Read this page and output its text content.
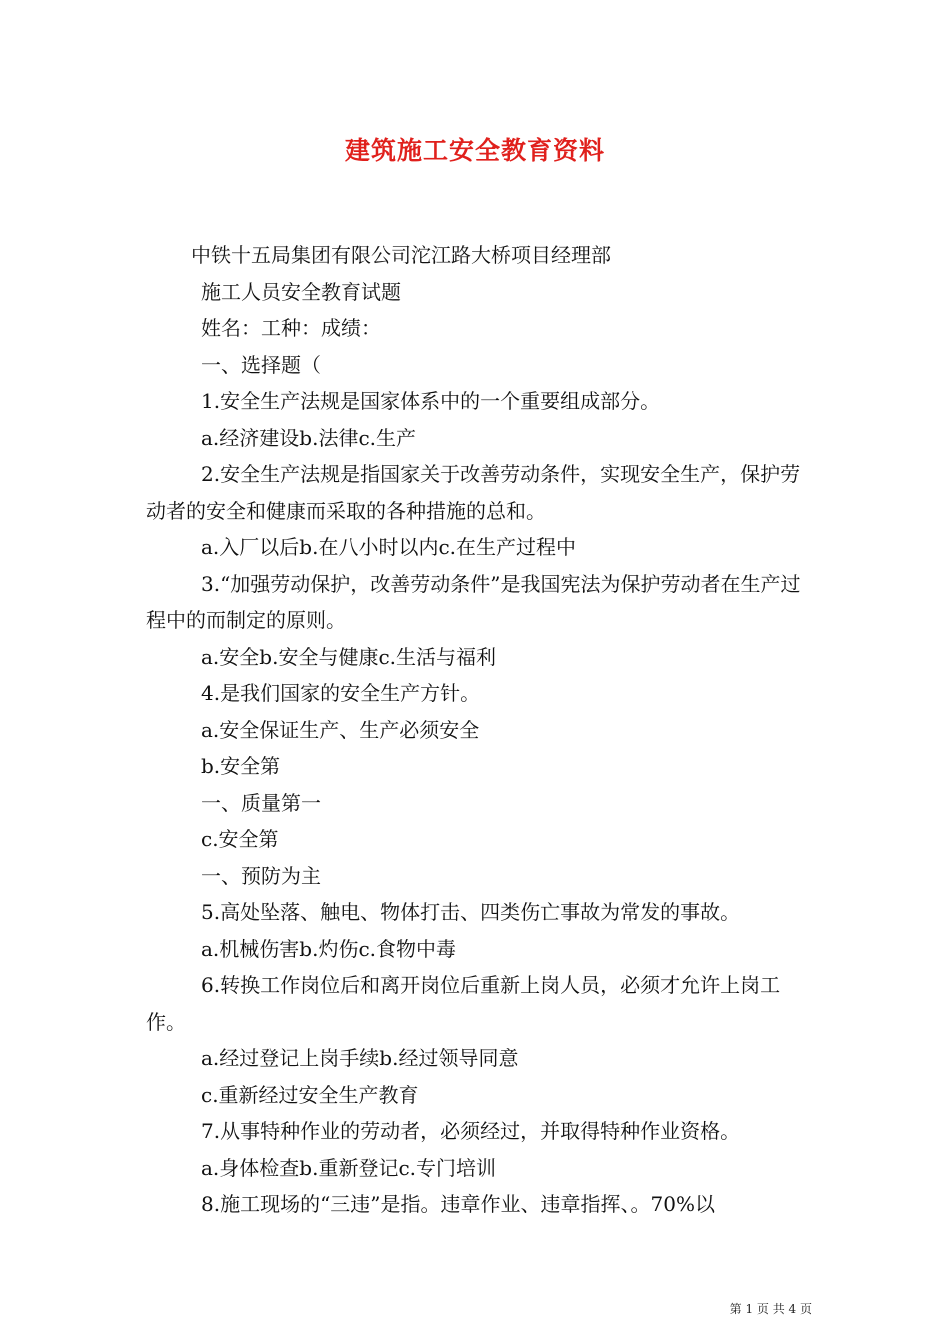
建筑施工安全教育资料

中铁十五局集团有限公司沱江路大桥项目经理部

施工人员安全教育试题

姓名：工种：成绩：

一、选择题（

1.安全生产法规是国家体系中的一个重要组成部分。

a.经济建设b.法律c.生产

2.安全生产法规是指国家关于改善劳动条件，实现安全生产，保护劳动者的安全和健康而采取的各种措施的总和。

a.入厂以后b.在八小时以内c.在生产过程中

3.“加强劳动保护，改善劳动条件”是我国宪法为保护劳动者在生产过程中的而制定的原则。

a.安全b.安全与健康c.生活与福利

4.是我们国家的安全生产方针。

a.安全保证生产、生产必须安全

b.安全第

一、质量第一

c.安全第

一、预防为主

5.高处坠落、触电、物体打击、四类伤亡事故为常发的事故。

a.机械伤害b.灼伤c.食物中毒

6.转换工作岗位后和离开岗位后重新上岗人员，必须才允许上岗工作。

a.经过登记上岗手续b.经过领导同意

c.重新经过安全生产教育

7.从事特种作业的劳动者，必须经过，并取得特种作业资格。

a.身体检查b.重新登记c.专门培训

8.施工现场的“三违”是指。违章作业、违章指挥、。70%以

第 1 页 共 4 页
